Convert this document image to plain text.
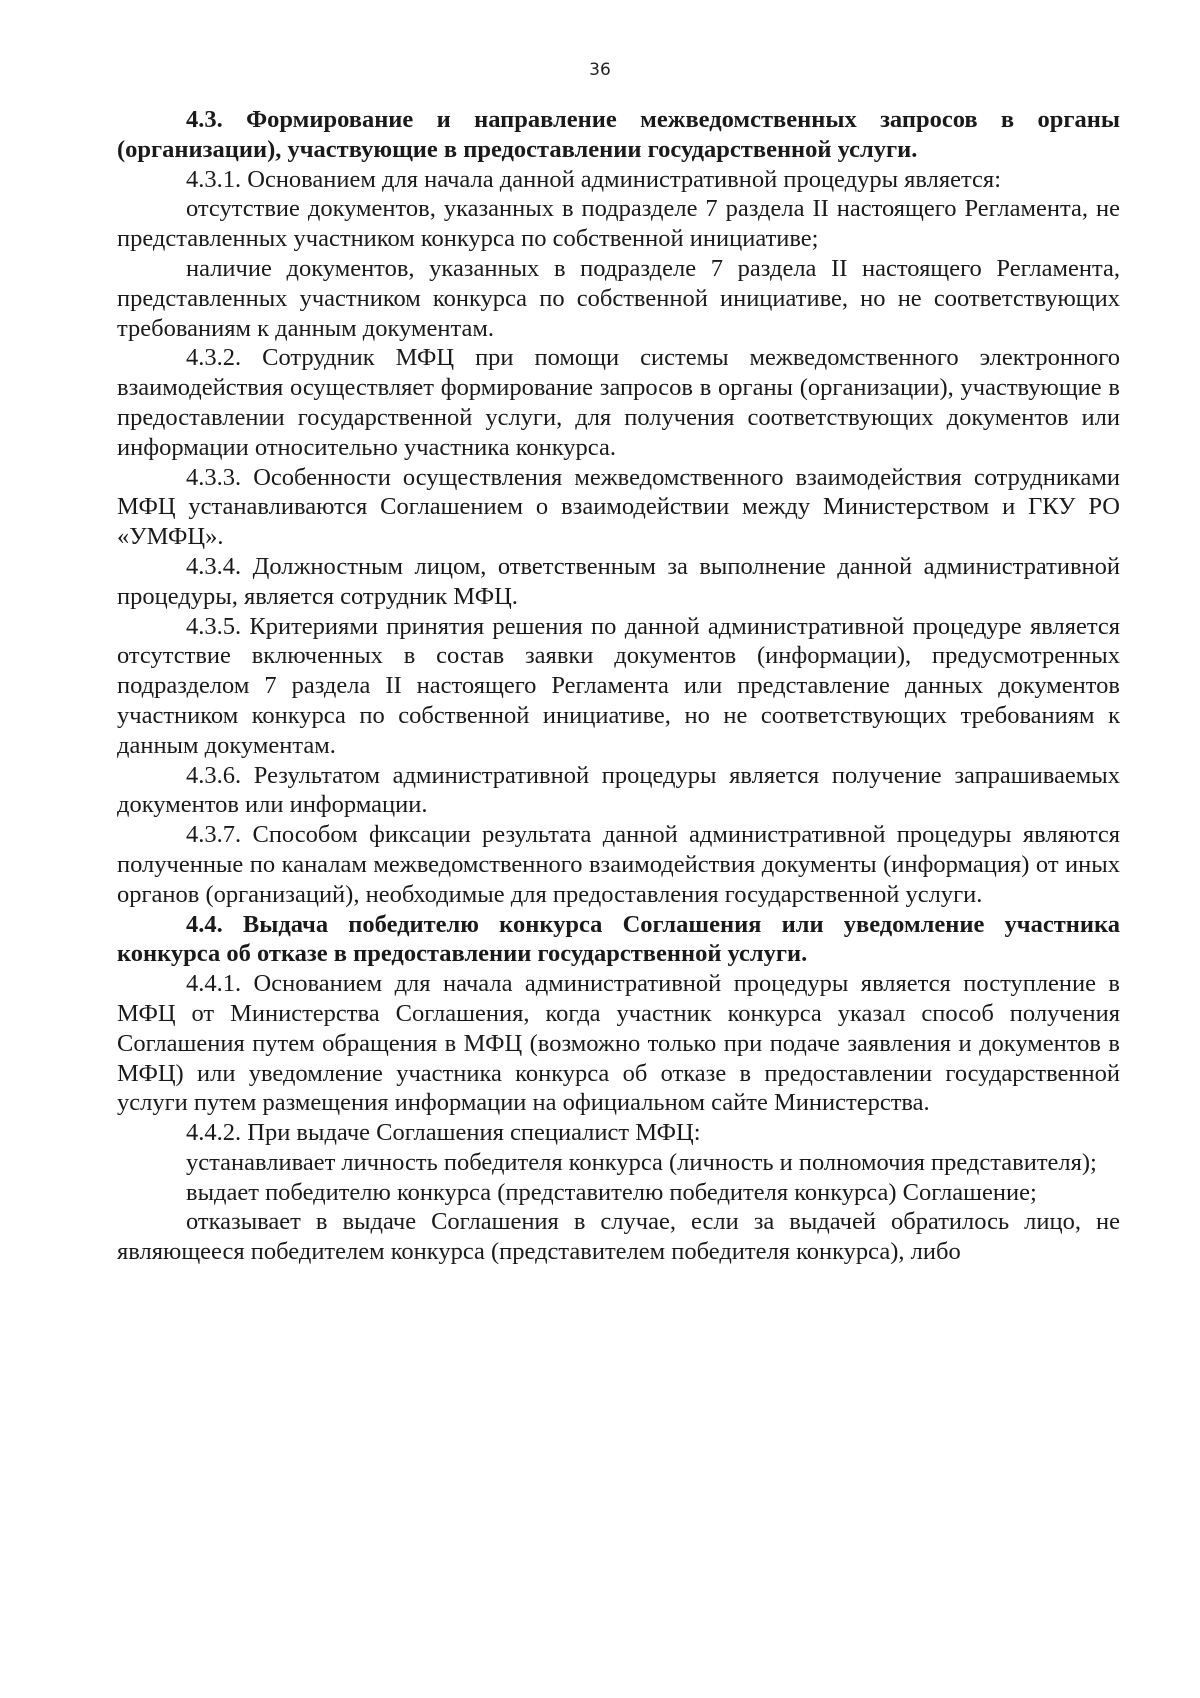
36

4.3. Формирование и направление межведомственных запросов в органы (организации), участвующие в предоставлении государственной услуги.

4.3.1. Основанием для начала данной административной процедуры является:

отсутствие документов, указанных в подразделе 7 раздела II настоящего Регламента, не представленных участником конкурса по собственной инициативе;

наличие документов, указанных в подразделе 7 раздела II настоящего Регламента, представленных участником конкурса по собственной инициативе, но не соответствующих требованиям к данным документам.

4.3.2. Сотрудник МФЦ при помощи системы межведомственного электронного взаимодействия осуществляет формирование запросов в органы (организации), участвующие в предоставлении государственной услуги, для получения соответствующих документов или информации относительно участника конкурса.

4.3.3. Особенности осуществления межведомственного взаимодействия сотрудниками МФЦ устанавливаются Соглашением о взаимодействии между Министерством и ГКУ РО «УМФЦ».

4.3.4. Должностным лицом, ответственным за выполнение данной административной процедуры, является сотрудник МФЦ.

4.3.5. Критериями принятия решения по данной административной процедуре является отсутствие включенных в состав заявки документов (информации), предусмотренных подразделом 7 раздела II настоящего Регламента или представление данных документов участником конкурса по собственной инициативе, но не соответствующих требованиям к данным документам.

4.3.6. Результатом административной процедуры является получение запрашиваемых документов или информации.

4.3.7. Способом фиксации результата данной административной процедуры являются полученные по каналам межведомственного взаимодействия документы (информация) от иных органов (организаций), необходимые для предоставления государственной услуги.

4.4. Выдача победителю конкурса Соглашения или уведомление участника конкурса об отказе в предоставлении государственной услуги.

4.4.1. Основанием для начала административной процедуры является поступление в МФЦ от Министерства Соглашения, когда участник конкурса указал способ получения Соглашения путем обращения в МФЦ (возможно только при подаче заявления и документов в МФЦ) или уведомление участника конкурса об отказе в предоставлении государственной услуги путем размещения информации на официальном сайте Министерства.

4.4.2. При выдаче Соглашения специалист МФЦ:

устанавливает личность победителя конкурса (личность и полномочия представителя);

выдает победителю конкурса (представителю победителя конкурса) Соглашение;

отказывает в выдаче Соглашения в случае, если за выдачей обратилось лицо, не являющееся победителем конкурса (представителем победителя конкурса), либо
